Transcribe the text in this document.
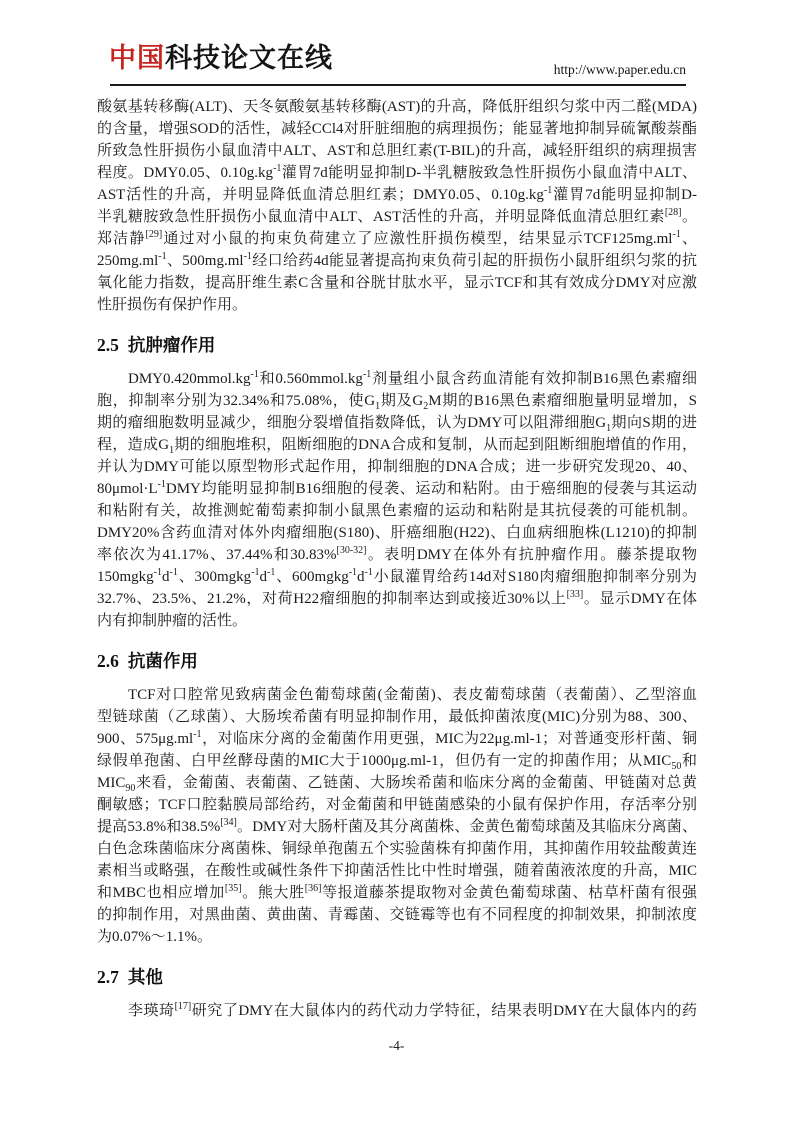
中国科技论文在线	http://www.paper.edu.cn
酸氨基转移酶(ALT)、天冬氨酸氨基转移酶(AST)的升高，降低肝组织匀浆中丙二醛(MDA)
的含量，增强SOD的活性，减轻CCl4对肝脏细胞的病理损伤；能显著地抑制异硫氰酸萘酯
所致急性肝损伤小鼠血清中ALT、AST和总胆红素(T-BIL)的升高，减轻肝组织的病理损害
程度。DMY0.05、$0.10g.kg^{-1}$灌胃7d能明显抑制D-半乳糖胺致急性肝损伤小鼠血清中ALT、
AST活性的升高，并明显降低血清总胆红素；DMY0.05、$0.10g.kg^{-1}$灌胃7d能明显抑制D-
半乳糖胺致急性肝损伤小鼠血清中ALT、AST活性的升高，并明显降低血清总胆红素[28]。
郑洁静[29]通过对小鼠的拘束负荷建立了应激性肝损伤模型，结果显示$TCF125mg.ml^{-1}$、
$250mg.ml^{-1}$、$500mg.ml^{-1}$经口给药4d能显著提高拘束负荷引起的肝损伤小鼠肝组织匀浆的抗
氧化能力指数，提高肝维生素C含量和谷胱甘肽水平，显示TCF和其有效成分DMY对应激
性肝损伤有保护作用。
2.5 抗肿瘤作用
$DMY0.420mmol.kg^{-1}$和$0.560mmol.kg^{-1}$剂量组小鼠含药血清能有效抑制B16黑色素瘤细
胞，抑制率分别为32.34%和75.08%，使$G_1$期及$G_2M$期的B16黑色素瘤细胞量明显增加，S
期的瘤细胞数明显减少，细胞分裂增值指数降低，认为DMY可以阻滞细胞$G_1$期向S期的进
程，造成$G_1$期的细胞堆积，阻断细胞的DNA合成和复制，从而起到阻断细胞增值的作用，
并认为DMY可能以原型物形式起作用，抑制细胞的DNA合成；进一步研究发现20、40、
$80\mu mol\cdot L^{-1}DMY$均能明显抑制B16细胞的侵袭、运动和粘附。由于癌细胞的侵袭与其运动
和粘附有关，故推测蛇葡萄素抑制小鼠黑色素瘤的运动和粘附是其抗侵袭的可能机制。
DMY20%含药血清对体外肉瘤细胞(S180)、肝癌细胞(H22)、白血病细胞株(L1210)的抑制
率依次为41.17%、37.44%和30.83%[30-32]。表明DMY在体外有抗肿瘤作用。藤茶提取物
$150mgkg^{-1}d^{-1}$、$300mgkg^{-1}d^{-1}$、$600mgkg^{-1}d^{-1}$小鼠灌胃给药14d对S180肉瘤细胞抑制率分别为
32.7%、23.5%、21.2%，对荷H22瘤细胞的抑制率达到或接近30%以上[33]。显示DMY在体
内有抑制肿瘤的活性。
2.6 抗菌作用
TCF对口腔常见致病菌金色葡萄球菌(金葡菌)、表皮葡萄球菌（表葡菌）、乙型溶血
型链球菌（乙球菌）、大肠埃希菌有明显抑制作用，最低抑菌浓度(MIC)分别为88、300、
900、$575\mu g.ml^{-1}$，对临床分离的金葡菌作用更强，MIC为22μg.ml-1；对普通变形杆菌、铜
绿假单孢菌、白甲丝酵母菌的MIC大于1000μg.ml-1，但仍有一定的抑菌作用；从$MIC_{50}$和
$MIC_{90}$来看，金葡菌、表葡菌、乙链菌、大肠埃希菌和临床分离的金葡菌、甲链菌对总黄
酮敏感；TCF口腔黏膜局部给药，对金葡菌和甲链菌感染的小鼠有保护作用，存活率分别
提高53.8%和38.5%[34]。DMY对大肠杆菌及其分离菌株、金黄色葡萄球菌及其临床分离菌、
白色念珠菌临床分离菌株、铜绿单孢菌五个实验菌株有抑菌作用，其抑菌作用较盐酸黄连
素相当或略强，在酸性或碱性条件下抑菌活性比中性时增强，随着菌液浓度的升高，MIC
和MBC也相应增加[35]。熊大胜[36]等报道藤茶提取物对金黄色葡萄球菌、枯草杆菌有很强
的抑制作用，对黑曲菌、黄曲菌、青霉菌、交链霉等也有不同程度的抑制效果，抑制浓度
为0.07%～1.1%。
2.7 其他
李瑛琦[17]研究了DMY在大鼠体内的药代动力学特征，结果表明DMY在大鼠体内的药
-4-
